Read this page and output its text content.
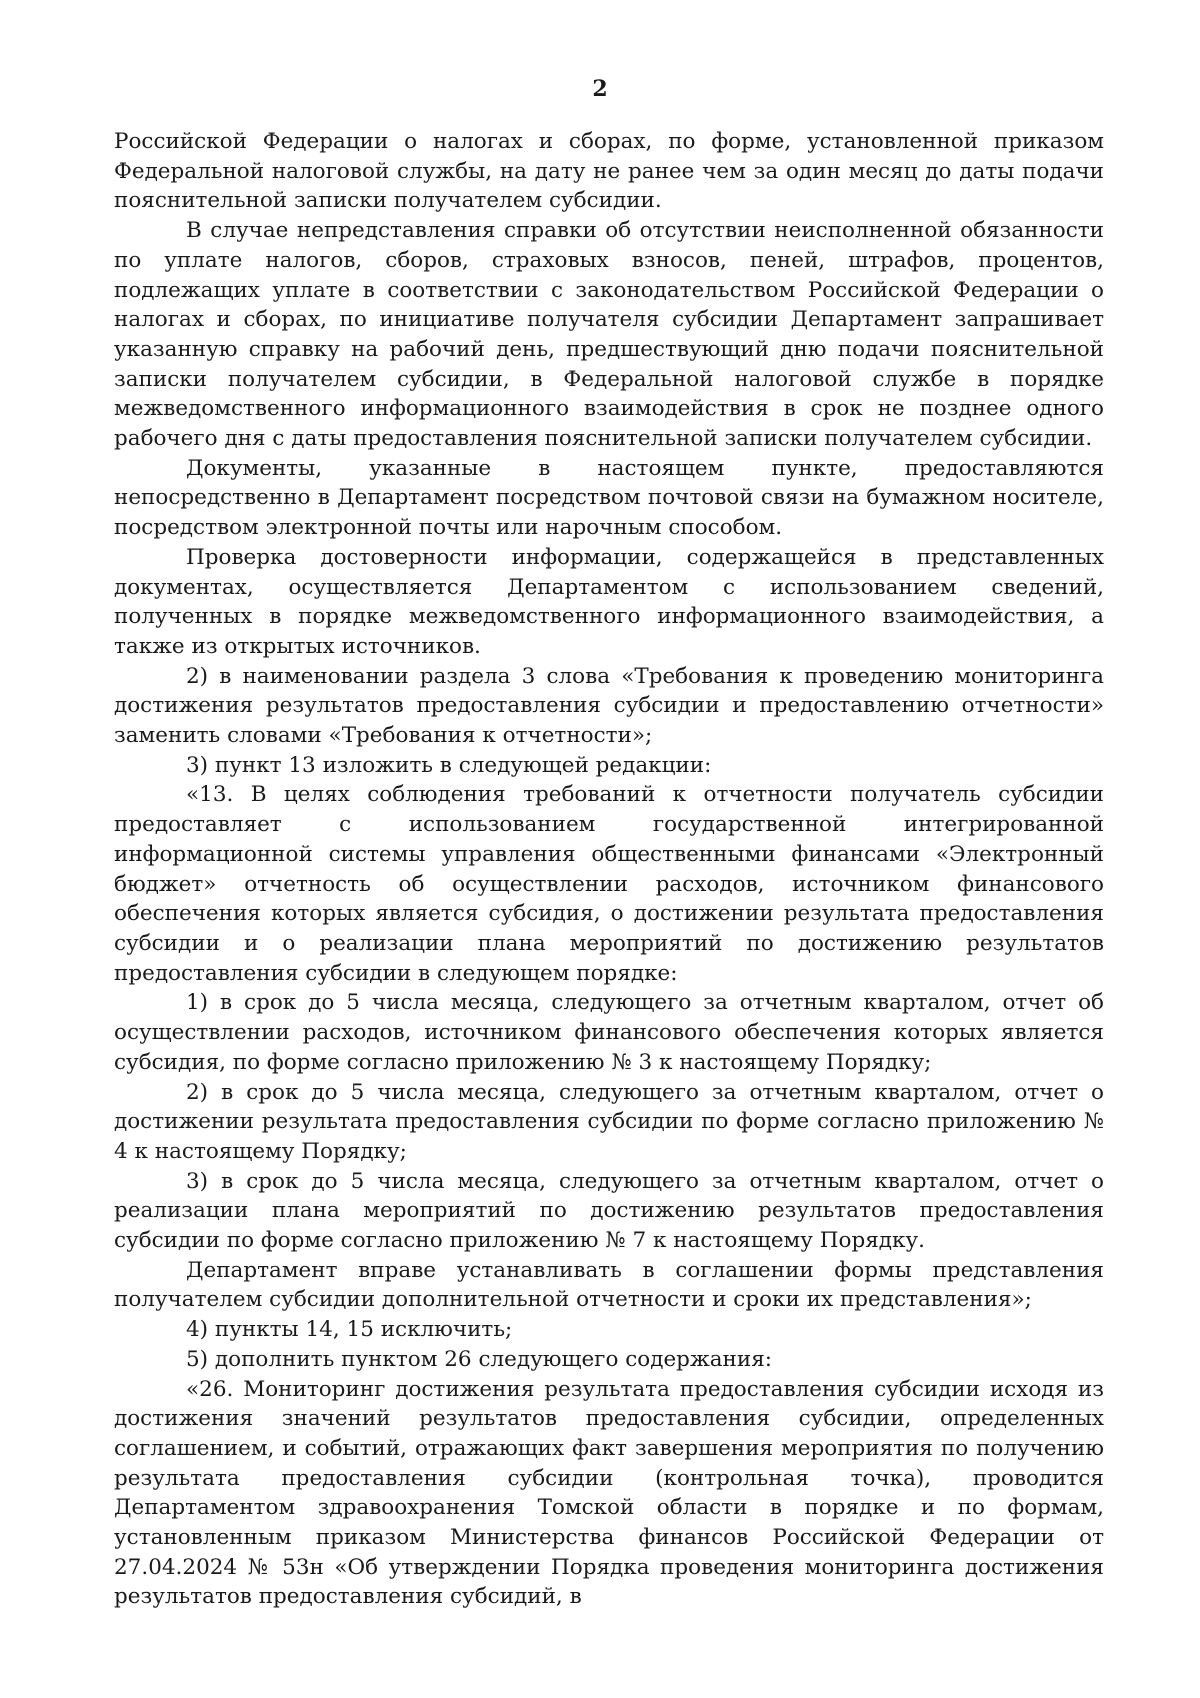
2

Российской Федерации о налогах и сборах, по форме, установленной приказом Федеральной налоговой службы, на дату не ранее чем за один месяц до даты подачи пояснительной записки получателем субсидии.

В случае непредставления справки об отсутствии неисполненной обязанности по уплате налогов, сборов, страховых взносов, пеней, штрафов, процентов, подлежащих уплате в соответствии с законодательством Российской Федерации о налогах и сборах, по инициативе получателя субсидии Департамент запрашивает указанную справку на рабочий день, предшествующий дню подачи пояснительной записки получателем субсидии, в Федеральной налоговой службе в порядке межведомственного информационного взаимодействия в срок не позднее одного рабочего дня с даты предоставления пояснительной записки получателем субсидии.

Документы, указанные в настоящем пункте, предоставляются непосредственно в Департамент посредством почтовой связи на бумажном носителе, посредством электронной почты или нарочным способом.

Проверка достоверности информации, содержащейся в представленных документах, осуществляется Департаментом с использованием сведений, полученных в порядке межведомственного информационного взаимодействия, а также из открытых источников.

2) в наименовании раздела 3 слова «Требования к проведению мониторинга достижения результатов предоставления субсидии и предоставлению отчетности» заменить словами «Требования к отчетности»;

3) пункт 13 изложить в следующей редакции:

«13. В целях соблюдения требований к отчетности получатель субсидии предоставляет с использованием государственной интегрированной информационной системы управления общественными финансами «Электронный бюджет» отчетность об осуществлении расходов, источником финансового обеспечения которых является субсидия, о достижении результата предоставления субсидии и о реализации плана мероприятий по достижению результатов предоставления субсидии в следующем порядке:

1) в срок до 5 числа месяца, следующего за отчетным кварталом, отчет об осуществлении расходов, источником финансового обеспечения которых является субсидия, по форме согласно приложению № 3 к настоящему Порядку;

2) в срок до 5 числа месяца, следующего за отчетным кварталом, отчет о достижении результата предоставления субсидии по форме согласно приложению № 4 к настоящему Порядку;

3) в срок до 5 числа месяца, следующего за отчетным кварталом, отчет о реализации плана мероприятий по достижению результатов предоставления субсидии по форме согласно приложению № 7 к настоящему Порядку.

Департамент вправе устанавливать в соглашении формы представления получателем субсидии дополнительной отчетности и сроки их представления»;

4) пункты 14, 15 исключить;

5) дополнить пунктом 26 следующего содержания:

«26. Мониторинг достижения результата предоставления субсидии исходя из достижения значений результатов предоставления субсидии, определенных соглашением, и событий, отражающих факт завершения мероприятия по получению результата предоставления субсидии (контрольная точка), проводится Департаментом здравоохранения Томской области в порядке и по формам, установленным приказом Министерства финансов Российской Федерации от 27.04.2024 № 53н «Об утверждении Порядка проведения мониторинга достижения результатов предоставления субсидий, в
